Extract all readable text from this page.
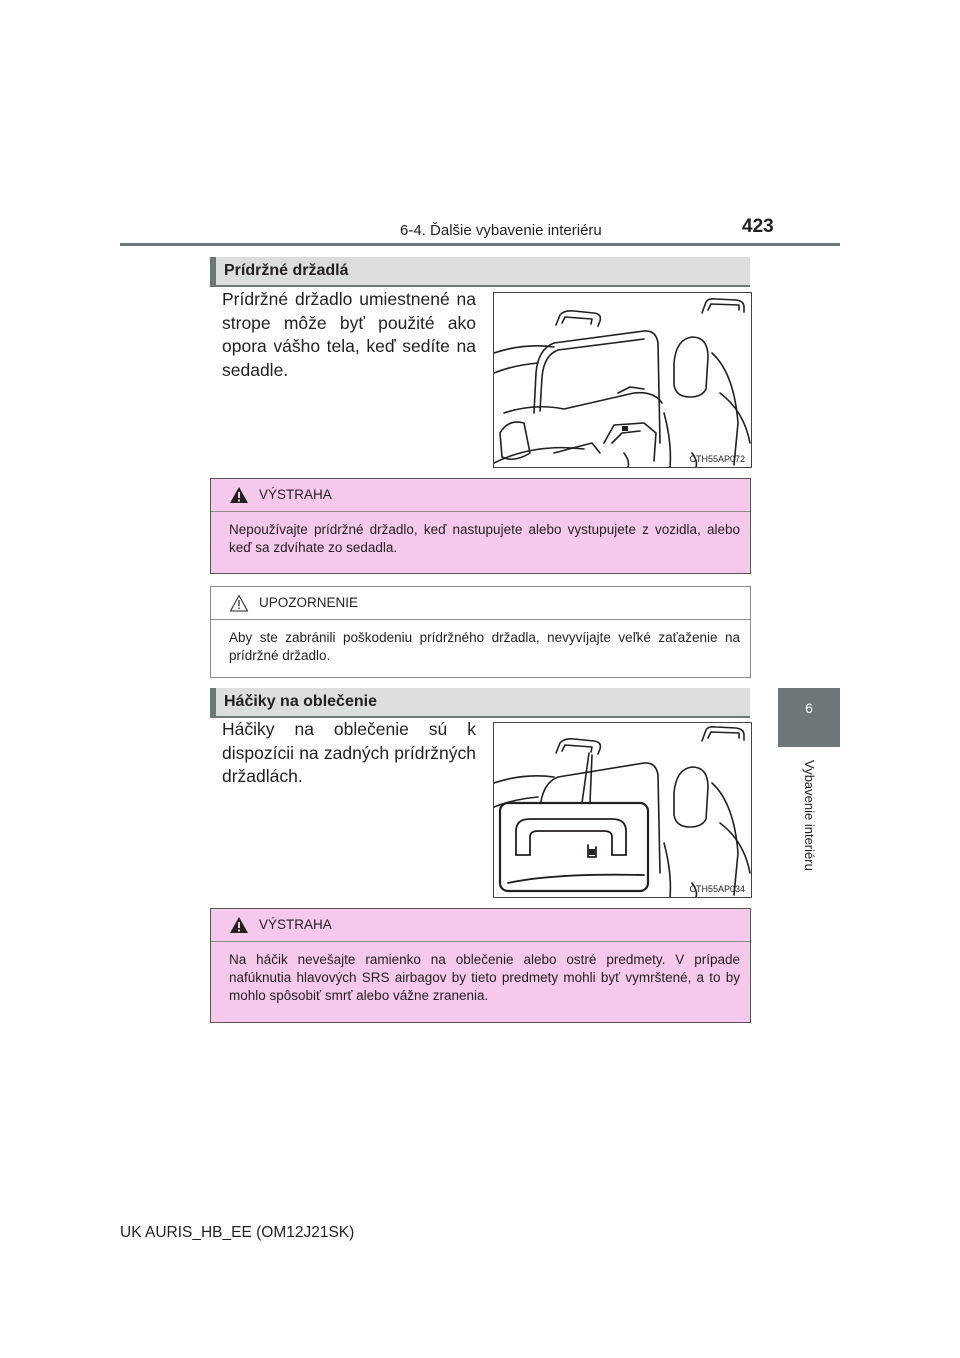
6-4. Ďalšie vybavenie interiéru	423
6
Vybavenie interiéru
Prídržné držadlá
Prídržné držadlo umiestnené na strope môže byť použité ako opora vášho tela, keď sedíte na sedadle.
CTH55AP072
VÝSTRAHA
Nepoužívajte prídržné držadlo, keď nastupujete alebo vystupujete z vozidla, alebo keď sa zdvíhate zo sedadla.
UPOZORNENIE
Aby ste zabránili poškodeniu prídržného držadla, nevyvíjajte veľké zaťaženie na prídržné držadlo.
Háčiky na oblečenie
Háčiky na oblečenie sú k dispozícii na zadných prídržných držadlách.
CTH55AP034
VÝSTRAHA
Na háčik nevešajte ramienko na oblečenie alebo ostré predmety. V prípade nafúknutia hlavových SRS airbagov by tieto predmety mohli byť vymrštené, a to by mohlo spôsobiť smrť alebo vážne zranenia.
UK AURIS_HB_EE (OM12J21SK)
